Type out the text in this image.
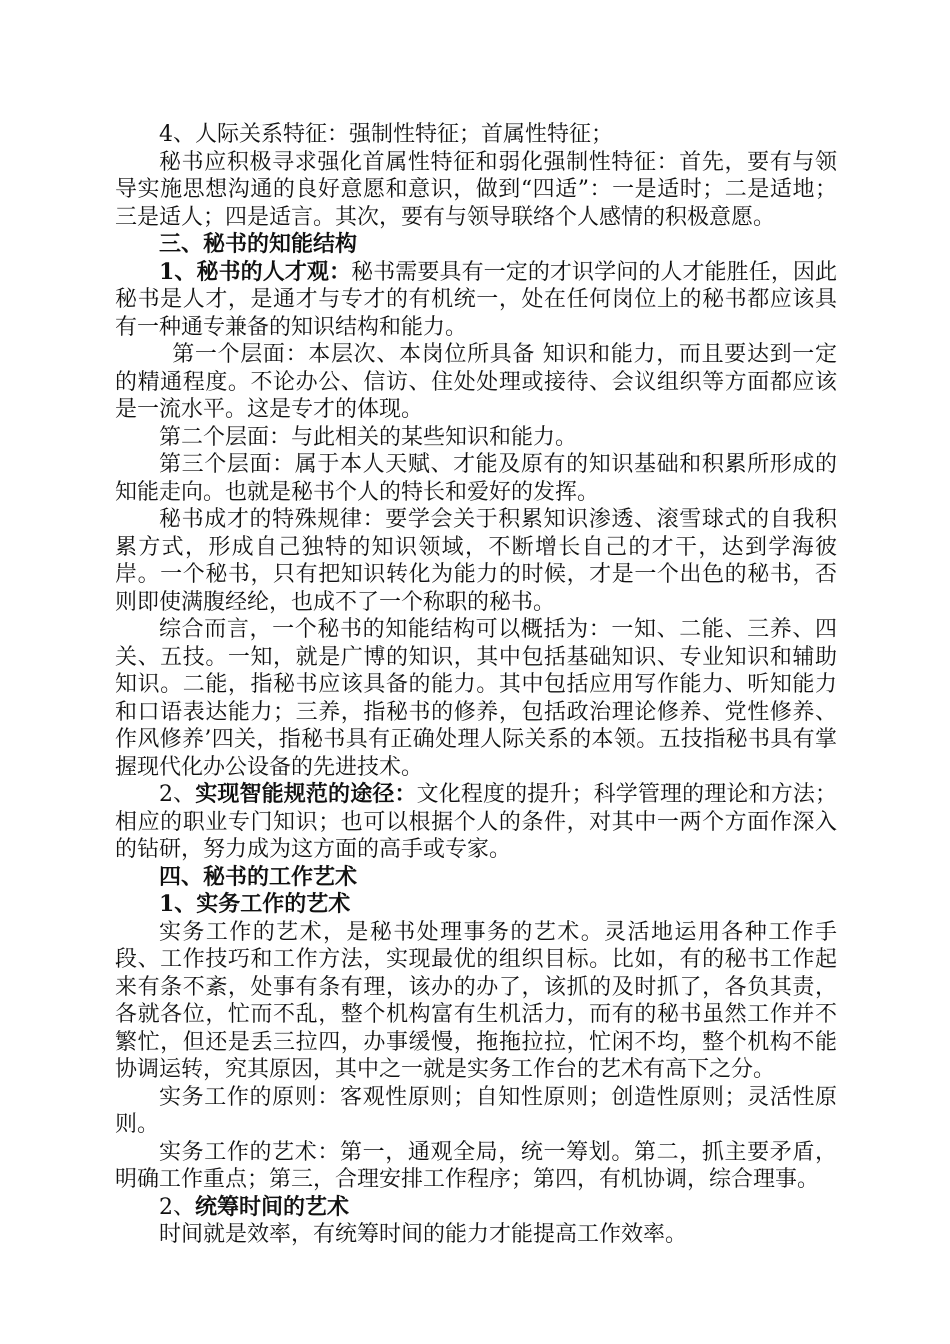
4、人际关系特征：强制性特征；首属性特征；

秘书应积极寻求强化首属性特征和弱化强制性特征：首先，要有与领导实施思想沟通的良好意愿和意识，做到“四适”：一是适时；二是适地；三是适人；四是适言。其次，要有与领导联络个人感情的积极意愿。

三、秘书的知能结构

1、秘书的人才观：秘书需要具有一定的才识学问的人才能胜任，因此秘书是人才，是通才与专才的有机统一，处在任何岗位上的秘书都应该具有一种通专兼备的知识结构和能力。

第一个层面：本层次、本岗位所具备 知识和能力，而且要达到一定的精通程度。不论办公、信访、住处处理或接待、会议组织等方面都应该是一流水平。这是专才的体现。

第二个层面：与此相关的某些知识和能力。

第三个层面：属于本人天赋、才能及原有的知识基础和积累所形成的知能走向。也就是秘书个人的特长和爱好的发挥。

秘书成才的特殊规律：要学会关于积累知识渗透、滚雪球式的自我积累方式，形成自己独特的知识领域，不断增长自己的才干，达到学海彼岸。一个秘书，只有把知识转化为能力的时候，才是一个出色的秘书，否则即使满腹经纶，也成不了一个称职的秘书。

综合而言，一个秘书的知能结构可以概括为：一知、二能、三养、四关、五技。一知，就是广博的知识，其中包括基础知识、专业知识和辅助知识。二能，指秘书应该具备的能力。其中包括应用写作能力、听知能力和口语表达能力；三养，指秘书的修养，包括政治理论修养、党性修养、作风修养’四关，指秘书具有正确处理人际关系的本领。五技指秘书具有掌握现代化办公设备的先进技术。

2、实现智能规范的途径：文化程度的提升；科学管理的理论和方法；相应的职业专门知识；也可以根据个人的条件，对其中一两个方面作深入的钻研，努力成为这方面的高手或专家。

四、秘书的工作艺术

1、实务工作的艺术

实务工作的艺术，是秘书处理事务的艺术。灵活地运用各种工作手段、工作技巧和工作方法，实现最优的组织目标。比如，有的秘书工作起来有条不紊，处事有条有理，该办的办了，该抓的及时抓了，各负其责，各就各位，忙而不乱，整个机构富有生机活力，而有的秘书虽然工作并不繁忙，但还是丢三拉四，办事缓慢，拖拖拉拉，忙闲不均，整个机构不能协调运转，究其原因，其中之一就是实务工作台的艺术有高下之分。

实务工作的原则：客观性原则；自知性原则；创造性原则；灵活性原则。

实务工作的艺术：第一，通观全局，统一筹划。第二，抓主要矛盾，明确工作重点；第三，合理安排工作程序；第四，有机协调，综合理事。

2、统筹时间的艺术

时间就是效率，有统筹时间的能力才能提高工作效率。
